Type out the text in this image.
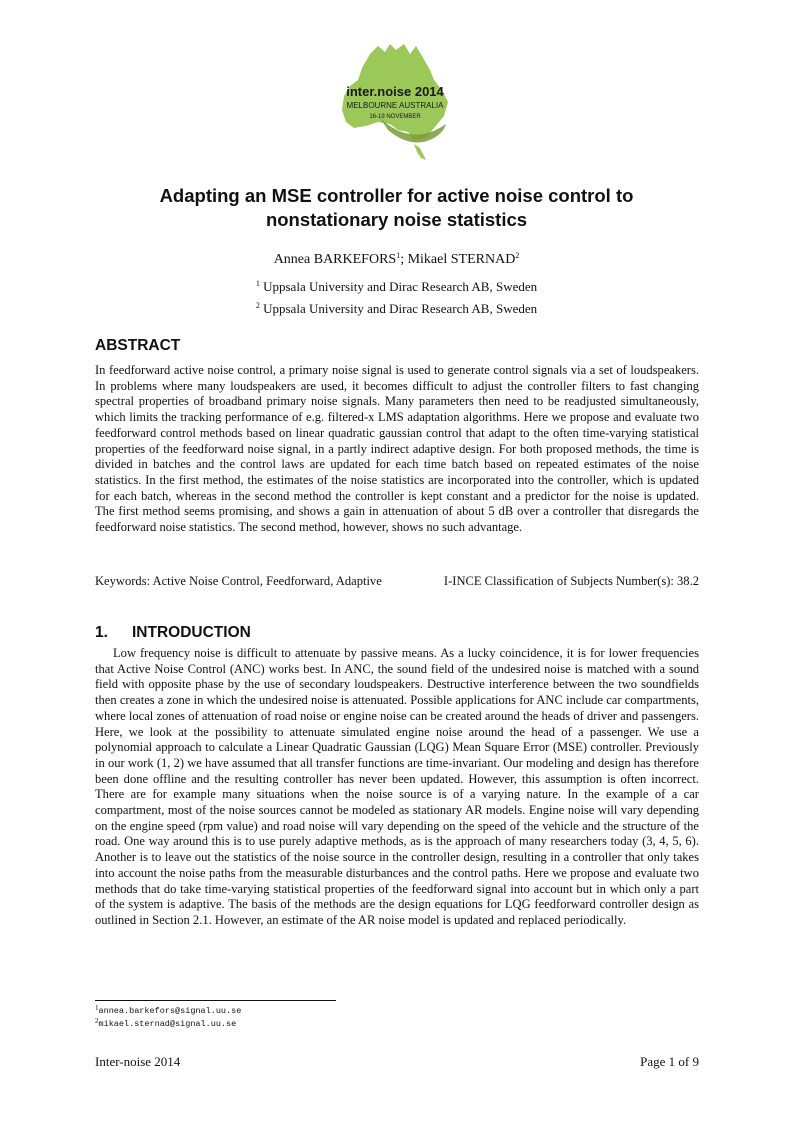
inter.noise 2014
MELBOURNE AUSTRALIA
16-19 NOVEMBER
Adapting an MSE controller for active noise control to
nonstationary noise statistics

Annea BARKEFORS$^1$; Mikael STERNAD$^2$

$^1$ Uppsala University and Dirac Research AB, Sweden

$^2$ Uppsala University and Dirac Research AB, Sweden

ABSTRACT

In feedforward active noise control, a primary noise signal is used to generate control signals via a set of loudspeakers. In problems where many loudspeakers are used, it becomes difficult to adjust the controller filters to fast changing spectral properties of broadband primary noise signals. Many parameters then need to be readjusted simultaneously, which limits the tracking performance of e.g. filtered-x LMS adaptation algorithms. Here we propose and evaluate two feedforward control methods based on linear quadratic gaussian control that adapt to the often time-varying statistical properties of the feedforward noise signal, in a partly indirect adaptive design. For both proposed methods, the time is divided in batches and the control laws are updated for each time batch based on repeated estimates of the noise statistics. In the first method, the estimates of the noise statistics are incorporated into the controller, which is updated for each batch, whereas in the second method the controller is kept constant and a predictor for the noise is updated. The first method seems promising, and shows a gain in attenuation of about 5 dB over a controller that disregards the feedforward noise statistics. The second method, however, shows no such advantage.

Keywords: Active Noise Control, Feedforward, Adaptive	I-INCE Classification of Subjects Number(s): 38.2
1. INTRODUCTION

Low frequency noise is difficult to attenuate by passive means. As a lucky coincidence, it is for lower frequencies that Active Noise Control (ANC) works best. In ANC, the sound field of the undesired noise is matched with a sound field with opposite phase by the use of secondary loudspeakers. Destructive interference between the two soundfields then creates a zone in which the undesired noise is attenuated. Possible applications for ANC include car compartments, where local zones of attenuation of road noise or engine noise can be created around the heads of driver and passengers. Here, we look at the possibility to attenuate simulated engine noise around the head of a passenger. We use a polynomial approach to calculate a Linear Quadratic Gaussian (LQG) Mean Square Error (MSE) controller. Previously in our work (1, 2) we have assumed that all transfer functions are time-invariant. Our modeling and design has therefore been done offline and the resulting controller has never been updated. However, this assumption is often incorrect. There are for example many situations when the noise source is of a varying nature. In the example of a car compartment, most of the noise sources cannot be modeled as stationary AR models. Engine noise will vary depending on the engine speed (rpm value) and road noise will vary depending on the speed of the vehicle and the structure of the road. One way around this is to use purely adaptive methods, as is the approach of many researchers today (3, 4, 5, 6). Another is to leave out the statistics of the noise source in the controller design, resulting in a controller that only takes into account the noise paths from the measurable disturbances and the control paths. Here we propose and evaluate two methods that do take time-varying statistical properties of the feedforward signal into account but in which only a part of the system is adaptive. The basis of the methods are the design equations for LQG feedforward controller design as outlined in Section 2.1. However, an estimate of the AR noise model is updated and replaced periodically.

$^1$annea.barkefors@signal.uu.se

$^2$mikael.sternad@signal.uu.se

Inter-noise 2014	Page 1 of 9
